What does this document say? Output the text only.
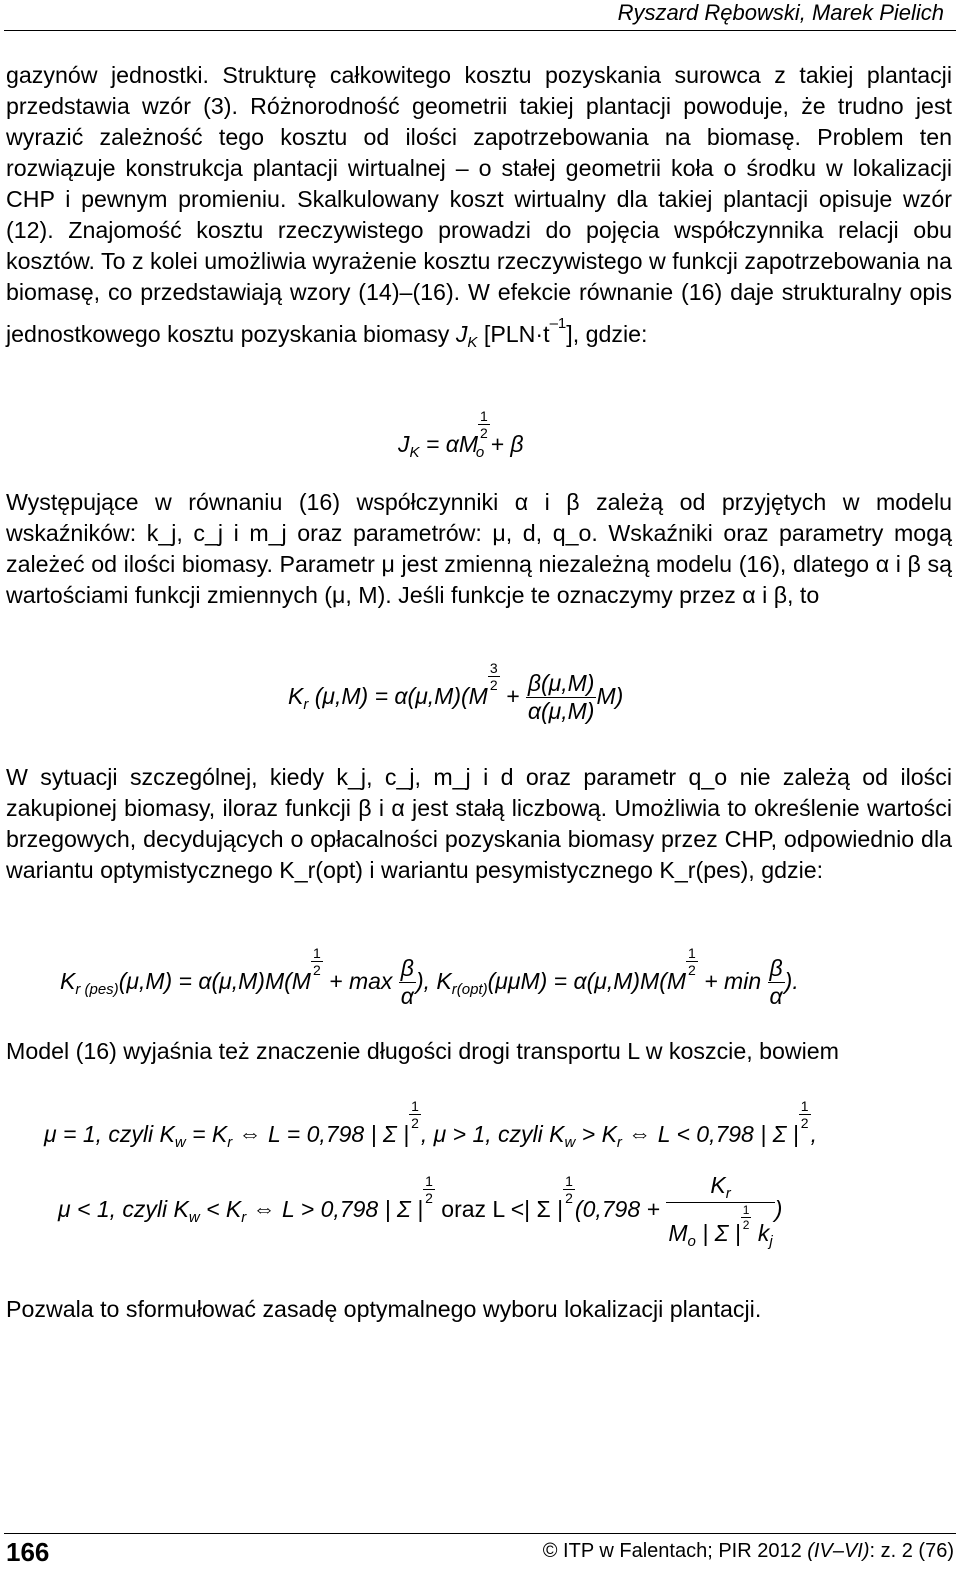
Ryszard Rębowski, Marek Pielich

gazynów jednostki. Strukturę całkowitego kosztu pozyskania surowca z takiej plantacji przedstawia wzór (3). Różnorodność geometrii takiej plantacji powoduje, że trudno jest wyrazić zależność tego kosztu od ilości zapotrzebowania na biomasę. Problem ten rozwiązuje konstrukcja plantacji wirtualnej – o stałej geometrii koła o środku w lokalizacji CHP i pewnym promieniu. Skalkulowany koszt wirtualny dla takiej plantacji opisuje wzór (12). Znajomość kosztu rzeczywistego prowadzi do pojęcia współczynnika relacji obu kosztów. To z kolei umożliwia wyrażenie kosztu rzeczywistego w funkcji zapotrzebowania na biomasę, co przedstawiają wzory (14)–(16). W efekcie równanie (16) daje strukturalny opis jednostkowego kosztu pozyskania biomasy $J_K$ $[PLN\cdot t^{-1}]$, gdzie:

$J_K = \alpha M$
$\frac{1}{2}$
$_o$ + β

Występujące w równaniu (16) współczynniki α i β zależą od przyjętych w modelu wskaźników: k_j, c_j i m_j oraz parametrów: μ, d, q_o. Wskaźniki oraz parametry mogą zależeć od ilości biomasy. Parametr μ jest zmienną niezależną modelu (16), dlatego α i β są wartościami funkcji zmiennych (μ, M). Jeśli funkcje te oznaczymy przez α i β, to

$K_r$ (μ,M) = α(μ,M)(M
$\frac{3}{2}$
+ $\frac{\beta(\mu,M)}{\alpha(\mu,M)} M$)

W sytuacji szczególnej, kiedy k_j, c_j, m_j i d oraz parametr q_o nie zależą od ilości zakupionej biomasy, iloraz funkcji β i α jest stałą liczbową. Umożliwia to określenie wartości brzegowych, decydujących o opłacalności pozyskania biomasy przez CHP, odpowiednio dla wariantu optymistycznego K_r(opt) i wariantu pesymistycznego K_r(pes), gdzie:

$K_{r (pes)}(\mu,M) = \alpha(\mu,M)M(M$
$\frac{1}{2}$
+ $\max \frac{\beta}{\alpha}$ ), $K_{r(opt)}(\mu\mu M) = \alpha(\mu,M)M(M$
$\frac{1}{2}$
+ $\min \frac{\beta}{\alpha}$ ).

Model (16) wyjaśnia też znaczenie długości drogi transportu L w koszcie, bowiem

μ = 1, czyli $K_w = K_r$ ⇔ L = 0,798 | Σ |
$\frac{1}{2}$
, μ > 1, czyli $K_w > K_r$ ⇔ L < 0,798 | Σ |
$\frac{1}{2}$
,
μ < 1, czyli $K_w < K_r$ ⇔ L > 0,798 | Σ |
$\frac{1}{2}$
oraz L <| Σ |
$\frac{1}{2}$
($0,798 + K_r$
$M_o$ | Σ |
$\frac{1}{2}$
$k_j$ )

Pozwala to sformułować zasadę optymalnego wyboru lokalizacji plantacji.

166	© ITP w Falentach; PIR 2012 (IV–VI): z. 2 (76)
